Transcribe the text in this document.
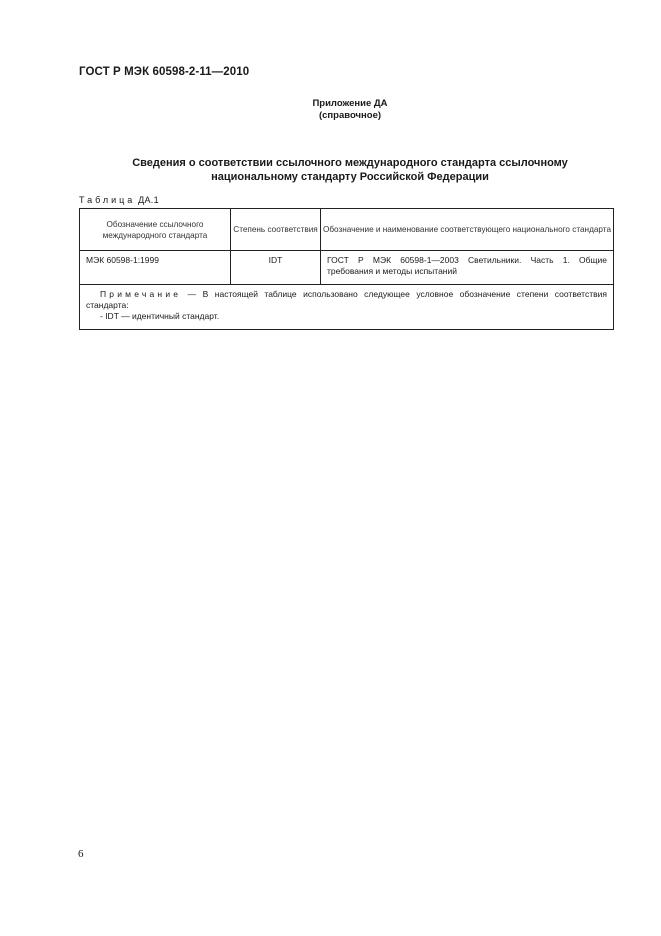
ГОСТ Р МЭК 60598-2-11—2010
Приложение ДА
(справочное)
Сведения о соответствии ссылочного международного стандарта ссылочному
национальному стандарту Российской Федерации
Таблица ДА.1
Обозначение ссылочного международного стандарта	Степень соответствия	Обозначение и наименование соответствующего национального стандарта
МЭК 60598-1:1999	IDT	ГОСТ Р МЭК 60598-1—2003 Светильники. Часть 1. Общие требования и методы испытаний

Примечание — В настоящей таблице использовано следующее условное обозначение степени соответствия стандарта:
- IDT — идентичный стандарт.		
6
